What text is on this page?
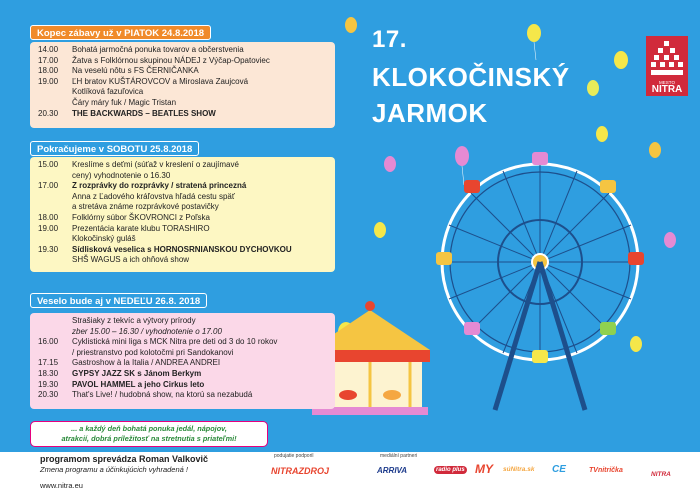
17.
KLOKOČINSKÝ
JARMOK
MESTO
NITRA
Kopec zábavy už v PIATOK 24.8.2018
14.00	Bohatá jarmočná ponuka tovarov a občerstvenia
17.00	Žatva s Folklórnou skupinou NÁDEJ z Výčap-Opatoviec
18.00	Na veselú nôtu s FS ČERNIČANKA
19.00	ĽH bratov KUŠTÁROVCOV a Miroslava Zaujcová
Kotlíková fazuľovica
Čáry máry fuk / Magic Tristan
20.30	THE BACKWARDS – BEATLES SHOW
Pokračujeme v SOBOTU 25.8.2018
15.00	Kreslíme s deťmi (súťaž v kreslení o zaujímavé
ceny) vyhodnotenie o 16.30
17.00	Z rozprávky do rozprávky / stratená princezná
Anna z Ľadového kráľovstva hľadá cestu späť
a stretáva známe rozprávkové postavičky
18.00	Folklórny súbor ŠKOVRONCI z Poľska
19.00	Prezentácia karate klubu TORASHIRO
Klokočinský guláš
19.30	Sídlisková veselica s HORNOSRNIANSKOU DYCHOVKOU
SHŠ WAGUS a ich ohňová show
Veselo bude aj v NEDEĽU 26.8. 2018
Strašiaky z tekvíc a výtvory prírody
zber 15.00 – 16.30 / vyhodnotenie o 17.00
16.00	Cyklistická mini liga s MCK Nitra pre deti od 3 do 10 rokov
/ priestranstvo pod kolotočmi pri Sandokanovi
17.15	Gastroshow à la Italia / ANDREA ANDREI
18.30	GYPSY JAZZ SK s Jánom Berkym
19.30	PAVOL HAMMEL a jeho Cirkus leto
20.30	That's Live! / hudobná show, na ktorú sa nezabudá
... a každý deň bohatá ponuka jedál, nápojov,
atrakcií, dobrá príležitosť na stretnutia s priateľmi!
programom sprevádza Roman Valkovič
Zmena programu a účinkujúcich vyhradená !
www.nitra.eu
podujatie podporil	mediální partneri
NITRAZDROJ	ARRIVA	radio plus MY súNitra.sk CE	TVnitrička
NITRA
